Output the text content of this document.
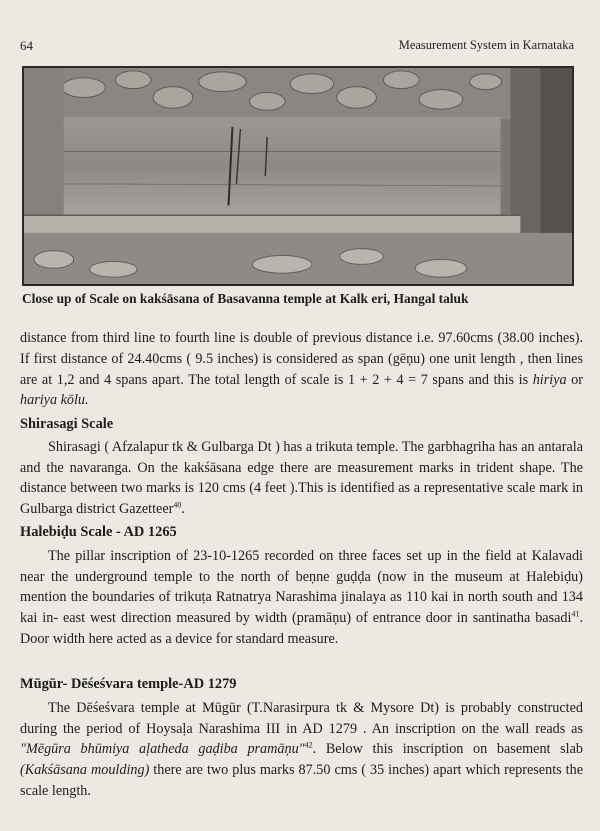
64	Measurement System in Karnataka
Close up of Scale on kakśāsana of Basavanna temple at Kalk eri, Hangal taluk

distance from third line to fourth line is double of previous distance i.e. 97.60cms (38.00 inches). If first distance of 24.40cms ( 9.5 inches) is considered as span (gēņu) one unit length , then lines are at 1,2 and 4 spans apart. The total length of scale is 1 + 2 + 4 = 7 spans and this is hiriya or hariya kōlu.

Shirasagi Scale

Shirasagi ( Afzalapur tk & Gulbarga Dt ) has a trikuta temple. The garbhagriha has an antarala and the navaranga. On the kakśāsana edge there are measurement marks in trident shape. The distance between two marks is 120 cms (4 feet ).This is identified as a representative scale mark in Gulbarga district Gazetteer$^{40}$.

Halebiḍu Scale - AD 1265

The pillar inscription of 23-10-1265 recorded on three faces set up in the field at Kalavadi near the underground temple to the north of beṇne guḍḍa (now in the museum at Halebiḍu) mention the boundaries of trikuṭa Ratnatrya Narashima jinalaya as 110 kai in north south and 134 kai in- east west direction measured by width (pramāņu) of entrance door in santinatha basadi$^{41}$. Door width here acted as a device for standard measure.

Mūgūr- Dēśeśvara temple-AD 1279

The Dēśeśvara temple at Mūgūr (T.Narasirpura tk & Mysore Dt) is probably constructed during the period of Hoysaḷa Narashima III in AD 1279 . An inscription on the wall reads as "Mēgūra bhūmiya aḷatheda gaḍiba pramāņu"$^{42}$. Below this inscription on basement slab (Kakśāsana moulding) there are two plus marks 87.50 cms ( 35 inches) apart which represents the scale length.
